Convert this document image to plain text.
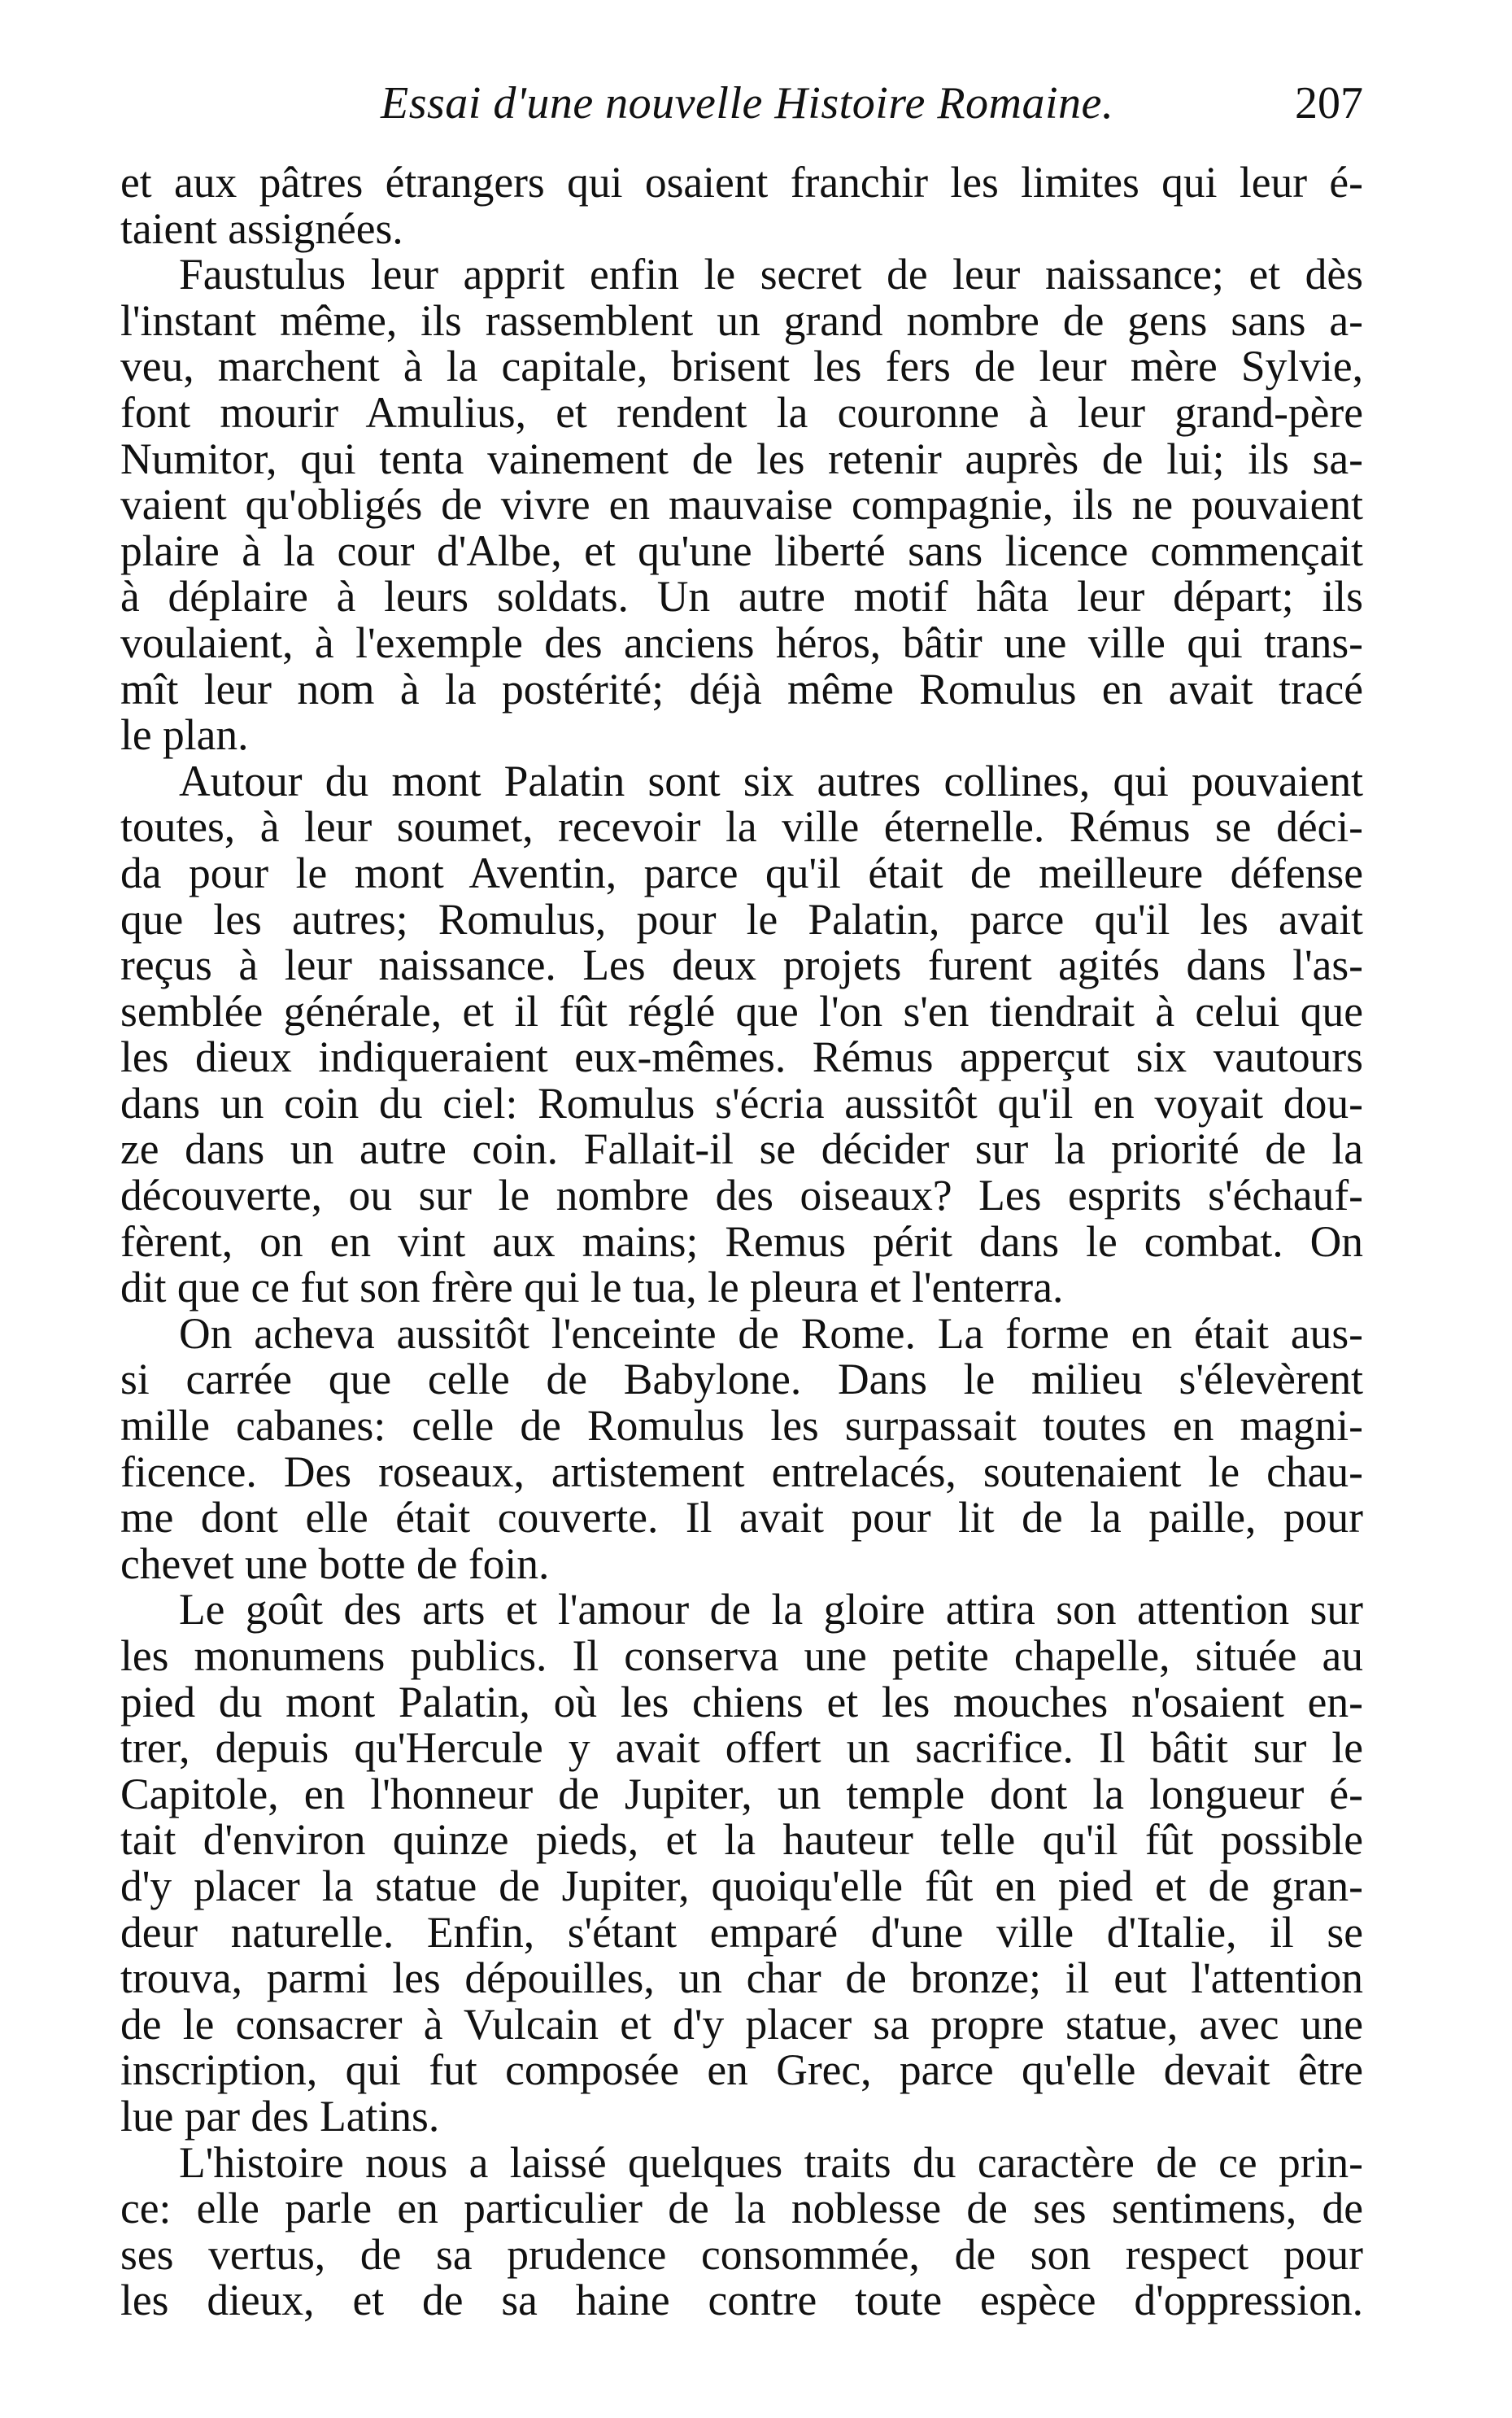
Essai d'une nouvelle Histoire Romaine.	207
et aux pâtres étrangers qui osaient franchir les limites qui leur é-
taient assignées.
Faustulus leur apprit enfin le secret de leur naissance; et dès
l'instant même, ils rassemblent un grand nombre de gens sans a-
veu, marchent à la capitale, brisent les fers de leur mère Sylvie,
font mourir Amulius, et rendent la couronne à leur grand-père
Numitor, qui tenta vainement de les retenir auprès de lui; ils sa-
vaient qu'obligés de vivre en mauvaise compagnie, ils ne pouvaient
plaire à la cour d'Albe, et qu'une liberté sans licence commençait
à déplaire à leurs soldats. Un autre motif hâta leur départ; ils
voulaient, à l'exemple des anciens héros, bâtir une ville qui trans-
mît leur nom à la postérité; déjà même Romulus en avait tracé
le plan.
Autour du mont Palatin sont six autres collines, qui pouvaient
toutes, à leur soumet, recevoir la ville éternelle. Rémus se déci-
da pour le mont Aventin, parce qu'il était de meilleure défense
que les autres; Romulus, pour le Palatin, parce qu'il les avait
reçus à leur naissance. Les deux projets furent agités dans l'as-
semblée générale, et il fût réglé que l'on s'en tiendrait à celui que
les dieux indiqueraient eux-mêmes. Rémus apperçut six vautours
dans un coin du ciel: Romulus s'écria aussitôt qu'il en voyait dou-
ze dans un autre coin. Fallait-il se décider sur la priorité de la
découverte, ou sur le nombre des oiseaux? Les esprits s'échauf-
fèrent, on en vint aux mains; Remus périt dans le combat. On
dit que ce fut son frère qui le tua, le pleura et l'enterra.
On acheva aussitôt l'enceinte de Rome. La forme en était aus-
si carrée que celle de Babylone. Dans le milieu s'élevèrent
mille cabanes: celle de Romulus les surpassait toutes en magni-
ficence. Des roseaux, artistement entrelacés, soutenaient le chau-
me dont elle était couverte. Il avait pour lit de la paille, pour
chevet une botte de foin.
Le goût des arts et l'amour de la gloire attira son attention sur
les monumens publics. Il conserva une petite chapelle, située au
pied du mont Palatin, où les chiens et les mouches n'osaient en-
trer, depuis qu'Hercule y avait offert un sacrifice. Il bâtit sur le
Capitole, en l'honneur de Jupiter, un temple dont la longueur é-
tait d'environ quinze pieds, et la hauteur telle qu'il fût possible
d'y placer la statue de Jupiter, quoiqu'elle fût en pied et de gran-
deur naturelle. Enfin, s'étant emparé d'une ville d'Italie, il se
trouva, parmi les dépouilles, un char de bronze; il eut l'attention
de le consacrer à Vulcain et d'y placer sa propre statue, avec une
inscription, qui fut composée en Grec, parce qu'elle devait être
lue par des Latins.
L'histoire nous a laissé quelques traits du caractère de ce prin-
ce: elle parle en particulier de la noblesse de ses sentimens, de
ses vertus, de sa prudence consommée, de son respect pour
les dieux, et de sa haine contre toute espèce d'oppression.
